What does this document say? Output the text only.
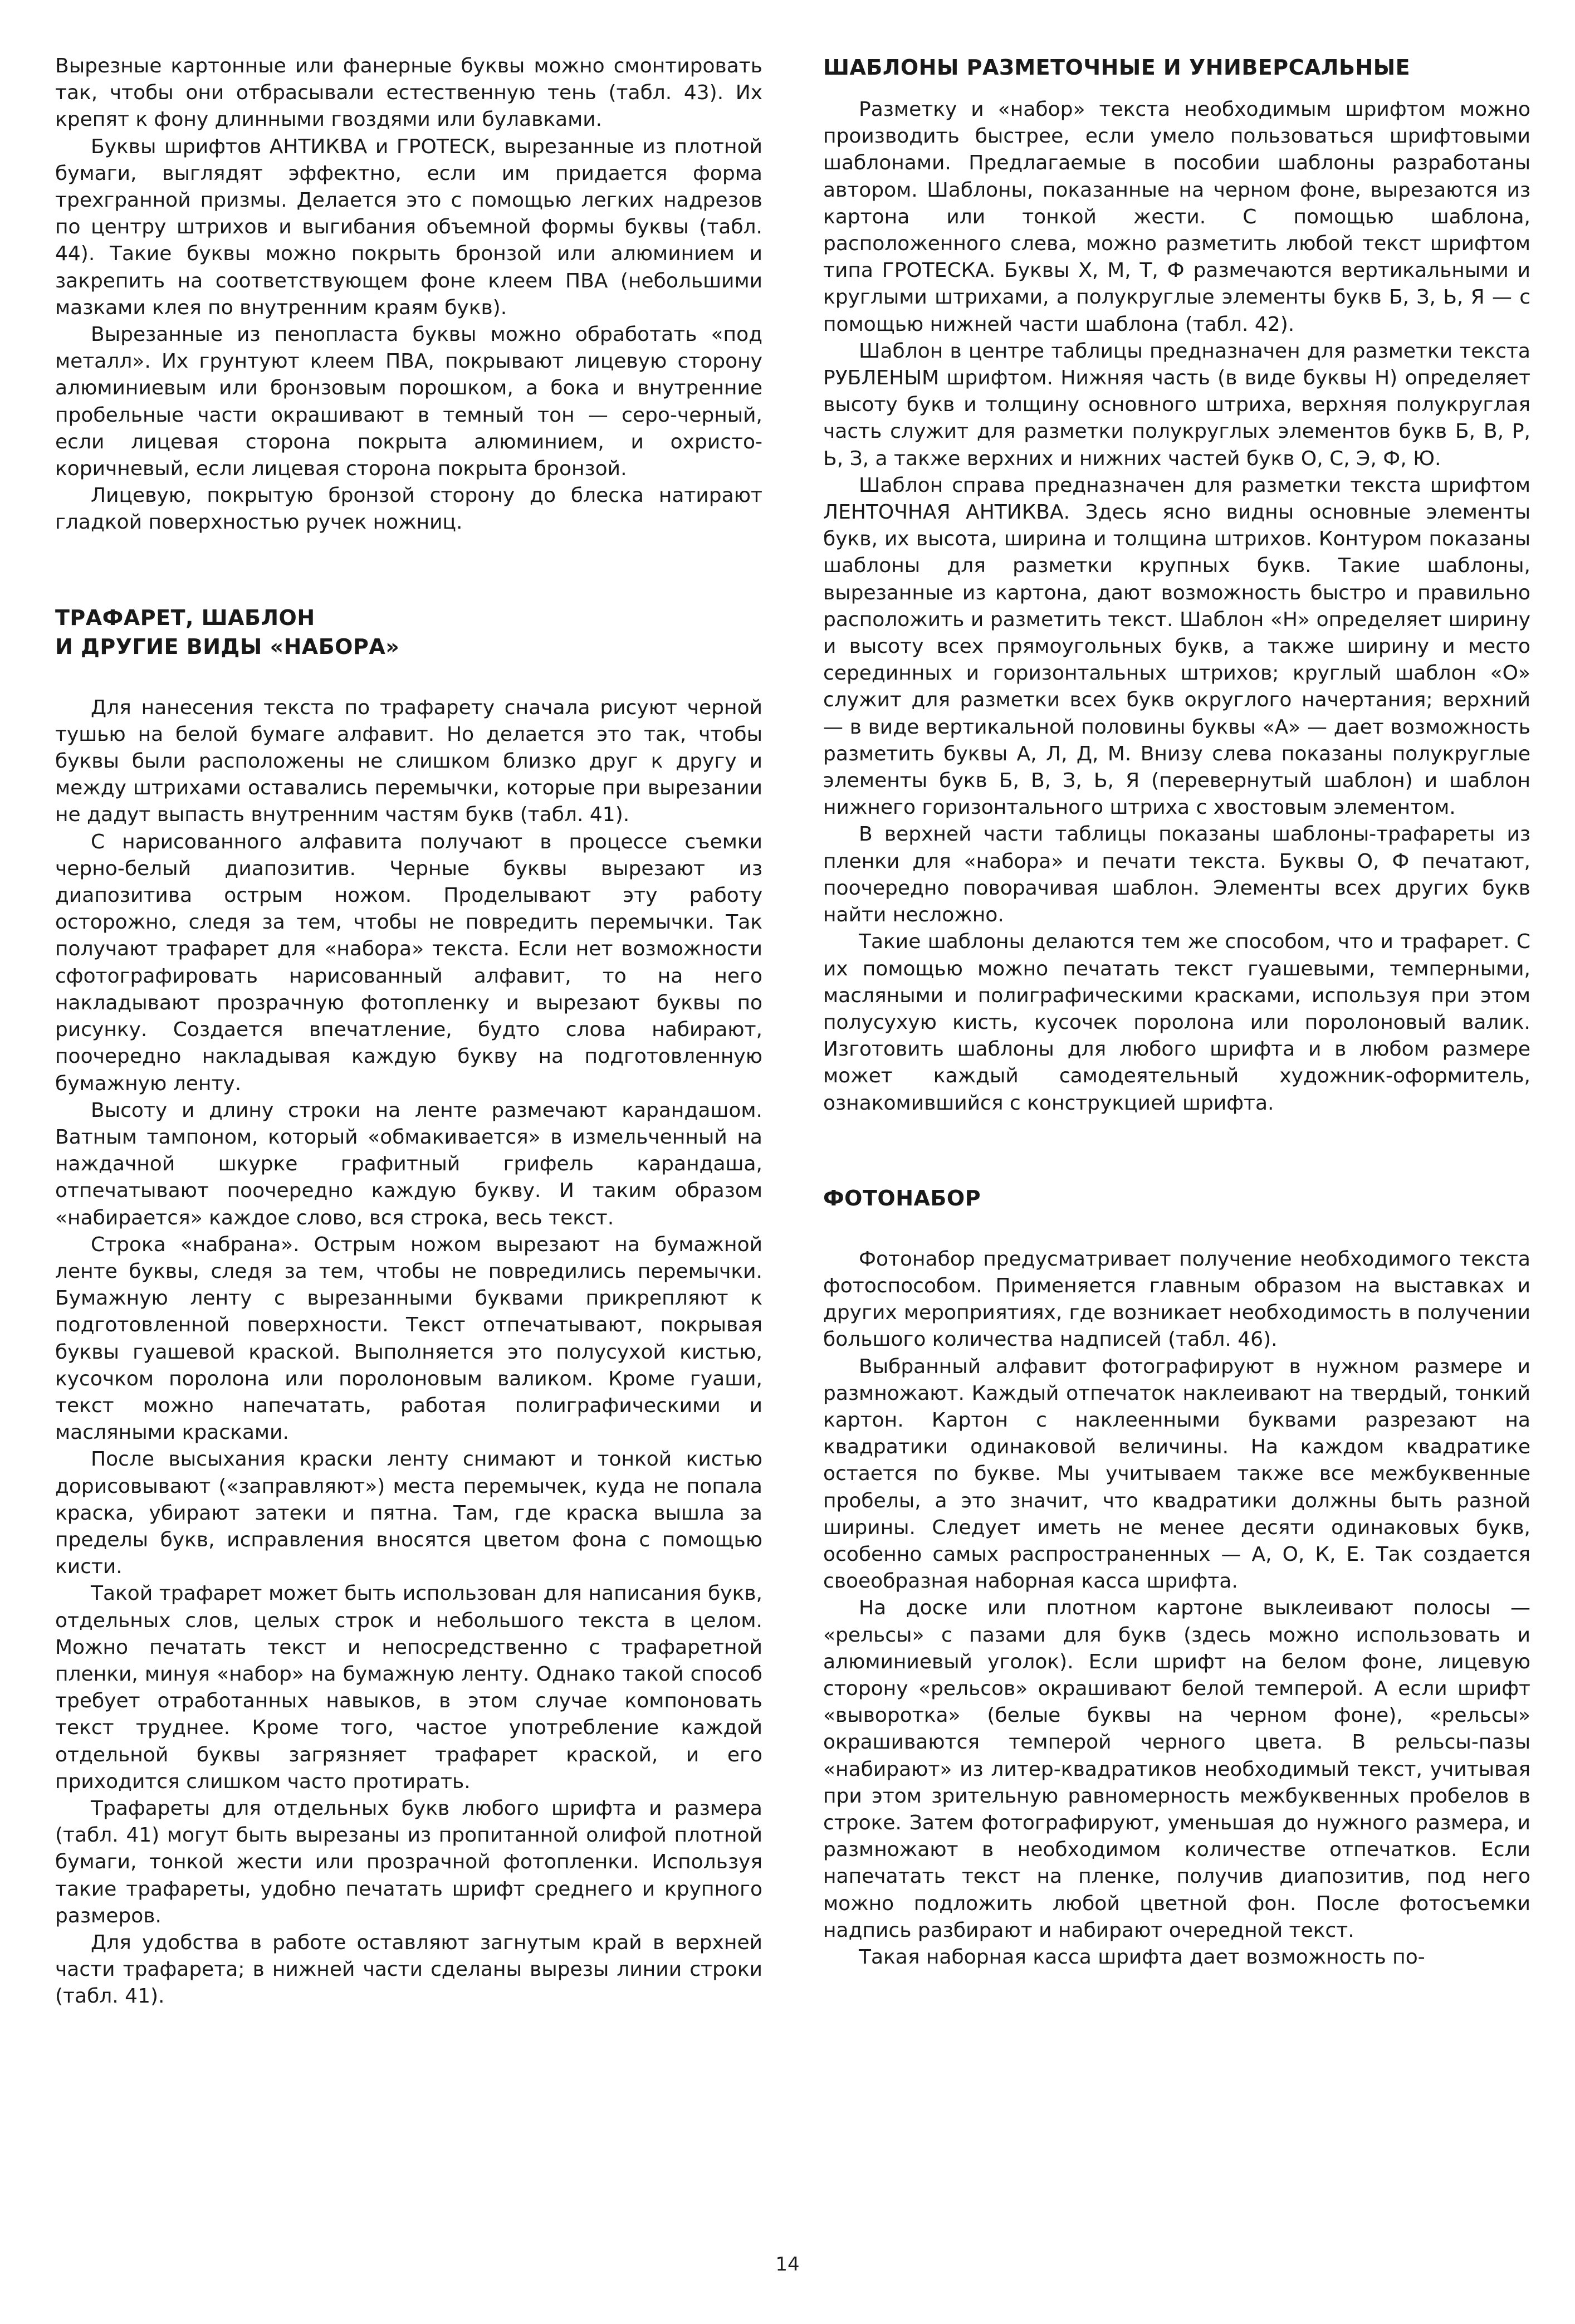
Вырезные картонные или фанерные буквы можно смонтировать так, чтобы они отбрасывали естественную тень (табл. 43). Их крепят к фону длинными гвоздями или булавками.

Буквы шрифтов АНТИКВА и ГРОТЕСК, вырезанные из плотной бумаги, выглядят эффектно, если им придается форма трехгранной призмы. Делается это с помощью легких надрезов по центру штрихов и выгибания объемной формы буквы (табл. 44). Такие буквы можно покрыть бронзой или алюминием и закрепить на соответствующем фоне клеем ПВА (небольшими мазками клея по внутренним краям букв).

Вырезанные из пенопласта буквы можно обработать «под металл». Их грунтуют клеем ПВА, покрывают лицевую сторону алюминиевым или бронзовым порошком, а бока и внутренние пробельные части окрашивают в темный тон — серо-черный, если лицевая сторона покрыта алюминием, и охристо-коричневый, если лицевая сторона покрыта бронзой.

Лицевую, покрытую бронзой сторону до блеска натирают гладкой поверхностью ручек ножниц.

ТРАФАРЕТ, ШАБЛОН
И ДРУГИЕ ВИДЫ «НАБОРА»

Для нанесения текста по трафарету сначала рисуют черной тушью на белой бумаге алфавит. Но делается это так, чтобы буквы были расположены не слишком близко друг к другу и между штрихами оставались перемычки, которые при вырезании не дадут выпасть внутренним частям букв (табл. 41).

С нарисованного алфавита получают в процессе съемки черно-белый диапозитив. Черные буквы вырезают из диапозитива острым ножом. Проделывают эту работу осторожно, следя за тем, чтобы не повредить перемычки. Так получают трафарет для «набора» текста. Если нет возможности сфотографировать нарисованный алфавит, то на него накладывают прозрачную фотопленку и вырезают буквы по рисунку. Создается впечатление, будто слова набирают, поочередно накладывая каждую букву на подготовленную бумажную ленту.

Высоту и длину строки на ленте размечают карандашом. Ватным тампоном, который «обмакивается» в измельченный на наждачной шкурке графитный грифель карандаша, отпечатывают поочередно каждую букву. И таким образом «набирается» каждое слово, вся строка, весь текст.

Строка «набрана». Острым ножом вырезают на бумажной ленте буквы, следя за тем, чтобы не повредились перемычки. Бумажную ленту с вырезанными буквами прикрепляют к подготовленной поверхности. Текст отпечатывают, покрывая буквы гуашевой краской. Выполняется это полусухой кистью, кусочком поролона или поролоновым валиком. Кроме гуаши, текст можно напечатать, работая полиграфическими и масляными красками.

После высыхания краски ленту снимают и тонкой кистью дорисовывают («заправляют») места перемычек, куда не попала краска, убирают затеки и пятна. Там, где краска вышла за пределы букв, исправления вносятся цветом фона с помощью кисти.

Такой трафарет может быть использован для написания букв, отдельных слов, целых строк и небольшого текста в целом. Можно печатать текст и непосредственно с трафаретной пленки, минуя «набор» на бумажную ленту. Однако такой способ требует отработанных навыков, в этом случае компоновать текст труднее. Кроме того, частое употребление каждой отдельной буквы загрязняет трафарет краской, и его приходится слишком часто протирать.

Трафареты для отдельных букв любого шрифта и размера (табл. 41) могут быть вырезаны из пропитанной олифой плотной бумаги, тонкой жести или прозрачной фотопленки. Используя такие трафареты, удобно печатать шрифт среднего и крупного размеров.

Для удобства в работе оставляют загнутым край в верхней части трафарета; в нижней части сделаны вырезы линии строки (табл. 41).

ШАБЛОНЫ РАЗМЕТОЧНЫЕ И УНИВЕРСАЛЬНЫЕ

Разметку и «набор» текста необходимым шрифтом можно производить быстрее, если умело пользоваться шрифтовыми шаблонами. Предлагаемые в пособии шаблоны разработаны автором. Шаблоны, показанные на черном фоне, вырезаются из картона или тонкой жести. С помощью шаблона, расположенного слева, можно разметить любой текст шрифтом типа ГРОТЕСКА. Буквы Х, М, Т, Ф размечаются вертикальными и круглыми штрихами, а полукруглые элементы букв Б, З, Ь, Я — с помощью нижней части шаблона (табл. 42).

Шаблон в центре таблицы предназначен для разметки текста РУБЛЕНЫМ шрифтом. Нижняя часть (в виде буквы Н) определяет высоту букв и толщину основного штриха, верхняя полукруглая часть служит для разметки полукруглых элементов букв Б, В, Р, Ь, З, а также верхних и нижних частей букв О, С, Э, Ф, Ю.

Шаблон справа предназначен для разметки текста шрифтом ЛЕНТОЧНАЯ АНТИКВА. Здесь ясно видны основные элементы букв, их высота, ширина и толщина штрихов. Контуром показаны шаблоны для разметки крупных букв. Такие шаблоны, вырезанные из картона, дают возможность быстро и правильно расположить и разметить текст. Шаблон «Н» определяет ширину и высоту всех прямоугольных букв, а также ширину и место серединных и горизонтальных штрихов; круглый шаблон «О» служит для разметки всех букв округлого начертания; верхний — в виде вертикальной половины буквы «А» — дает возможность разметить буквы А, Л, Д, М. Внизу слева показаны полукруглые элементы букв Б, В, З, Ь, Я (перевернутый шаблон) и шаблон нижнего горизонтального штриха с хвостовым элементом.

В верхней части таблицы показаны шаблоны-трафареты из пленки для «набора» и печати текста. Буквы О, Ф печатают, поочередно поворачивая шаблон. Элементы всех других букв найти несложно.

Такие шаблоны делаются тем же способом, что и трафарет. С их помощью можно печатать текст гуашевыми, темперными, масляными и полиграфическими красками, используя при этом полусухую кисть, кусочек поролона или поролоновый валик. Изготовить шаблоны для любого шрифта и в любом размере может каждый самодеятельный художник-оформитель, ознакомившийся с конструкцией шрифта.

ФОТОНАБОР

Фотонабор предусматривает получение необходимого текста фотоспособом. Применяется главным образом на выставках и других мероприятиях, где возникает необходимость в получении большого количества надписей (табл. 46).

Выбранный алфавит фотографируют в нужном размере и размножают. Каждый отпечаток наклеивают на твердый, тонкий картон. Картон с наклеенными буквами разрезают на квадратики одинаковой величины. На каждом квадратике остается по букве. Мы учитываем также все межбуквенные пробелы, а это значит, что квадратики должны быть разной ширины. Следует иметь не менее десяти одинаковых букв, особенно самых распространенных — А, О, К, Е. Так создается своеобразная наборная касса шрифта.

На доске или плотном картоне выклеивают полосы — «рельсы» с пазами для букв (здесь можно использовать и алюминиевый уголок). Если шрифт на белом фоне, лицевую сторону «рельсов» окрашивают белой темперой. А если шрифт «выворотка» (белые буквы на черном фоне), «рельсы» окрашиваются темперой черного цвета. В рельсы-пазы «набирают» из литер-квадратиков необходимый текст, учитывая при этом зрительную равномерность межбуквенных пробелов в строке. Затем фотографируют, уменьшая до нужного размера, и размножают в необходимом количестве отпечатков. Если напечатать текст на пленке, получив диапозитив, под него можно подложить любой цветной фон. После фотосъемки надпись разбирают и набирают очередной текст.

Такая наборная касса шрифта дает возможность по-

14
